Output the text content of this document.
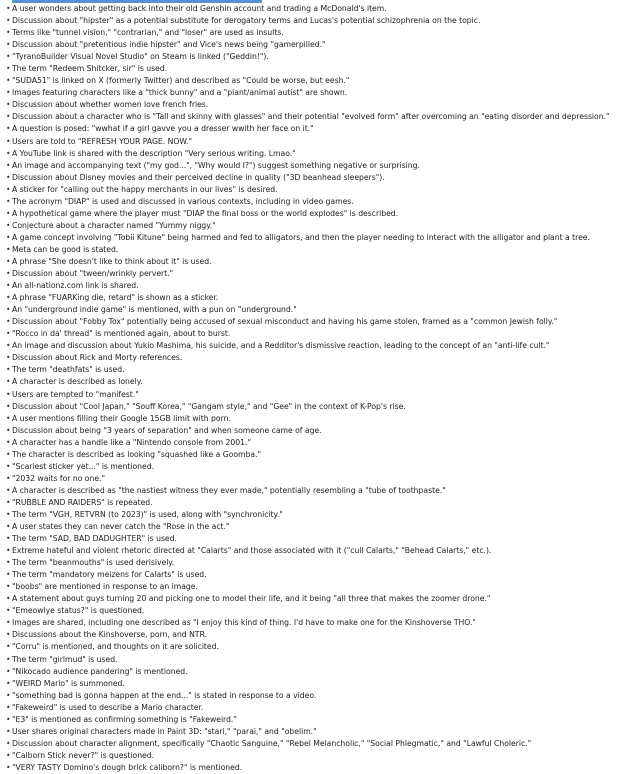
•A user wonders about getting back into their old Genshin account and trading a McDonald's item.
•Discussion about "hipster" as a potential substitute for derogatory terms and Lucas's potential schizophrenia on the topic.
•Terms like "tunnel vision," "contrarian," and "loser" are used as insults.
•Discussion about "pretentious indie hipster" and Vice's news being "gamerpilled."
•"TyranoBuilder Visual Novel Studio" on Steam is linked ("Geddin!").
•The term "Redeem Shitcker, sir" is used.
•"SUDA51" is linked on X (formerly Twitter) and described as "Could be worse, but eesh."
•Images featuring characters like a "thick bunny" and a "plant/animal autist" are shown.
•Discussion about whether women love french fries.
•Discussion about a character who is "Tall and skinny with glasses" and their potential "evolved form" after overcoming an "eating disorder and depression."
•A question is posed: "wwhat if a girl gavve you a dresser wwith her face on it."
•Users are told to "REFRESH YOUR PAGE. NOW."
•A YouTube link is shared with the description "Very serious writing. Lmao."
•An image and accompanying text ("my god...", "Why would I?") suggest something negative or surprising.
•Discussion about Disney movies and their perceived decline in quality ("3D beanhead sleepers").
•A sticker for "calling out the happy merchants in our lives" is desired.
•The acronym "DIAP" is used and discussed in various contexts, including in video games.
•A hypothetical game where the player must "DIAP the final boss or the world explodes" is described.
•Conjecture about a character named "Yummy niggy."
•A game concept involving "Tobii Kitune" being harmed and fed to alligators, and then the player needing to interact with the alligator and plant a tree.
•Meta can be good is stated.
•A phrase "She doesn't like to think about it" is used.
•Discussion about "tween/wrinkly pervert."
•An all-nationz.com link is shared.
•A phrase "FUARKing die, retard" is shown as a sticker.
•An "underground indie game" is mentioned, with a pun on "underground."
•Discussion about "Fobby Tox" potentially being accused of sexual misconduct and having his game stolen, framed as a "common Jewish folly."
•"Rocco in da' thread" is mentioned again, about to burst.
•An image and discussion about Yukio Mashima, his suicide, and a Redditor's dismissive reaction, leading to the concept of an "anti-life cult."
•Discussion about Rick and Morty references.
•The term "deathfats" is used.
•A character is described as lonely.
•Users are tempted to "manifest."
•Discussion about "Cool Japan," "Souff Korea," "Gangam style," and "Gee" in the context of K-Pop's rise.
•A user mentions filling their Google 15GB limit with porn.
•Discussion about being "3 years of separation" and when someone came of age.
•A character has a handle like a "Nintendo console from 2001."
•The character is described as looking "squashed like a Goomba."
•"Scariest sticker yet..." is mentioned.
•"2032 waits for no one."
•A character is described as "the nastiest witness they ever made," potentially resembling a "tube of toothpaste."
•"RUBBLE AND RAIDERS" is repeated.
•The term "VGH, RETVRN (to 2023)" is used, along with "synchronicity."
•A user states they can never catch the "Rose in the act."
•The term "SAD, BAD DADUGHTER" is used.
•Extreme hateful and violent rhetoric directed at "Calarts" and those associated with it ("cull Calarts," "Behead Calarts," etc.).
•The term "beanmouths" is used derisively.
•The term "mandatory meizens for Calarts" is used.
•"boobs" are mentioned in response to an image.
•A statement about guys turning 20 and picking one to model their life, and it being "all three that makes the zoomer drone."
•"Emeowlye status?" is questioned.
•Images are shared, including one described as "I enjoy this kind of thing. I'd have to make one for the Kinshoverse THO."
•Discussions about the Kinshoverse, porn, and NTR.
•"Corru" is mentioned, and thoughts on it are solicited.
•The term "girlmud" is used.
•"Nikocado audience pandering" is mentioned.
•"WEIRD Mario" is summoned.
•"something bad is gonna happen at the end..." is stated in response to a video.
•"Fakeweird" is used to describe a Mario character.
•"E3" is mentioned as confirming something is "Fakeweird."
•User shares original characters made in Paint 3D: "stari," "parai," and "obelim."
•Discussion about character alignment, specifically "Chaotic Sanguine," "Rebel Melancholic," "Social Phlegmatic," and "Lawful Choleric."
•"Calborn Stick never?" is questioned.
•"VERY TASTY Domino's dough brick caliborn?" is mentioned.
